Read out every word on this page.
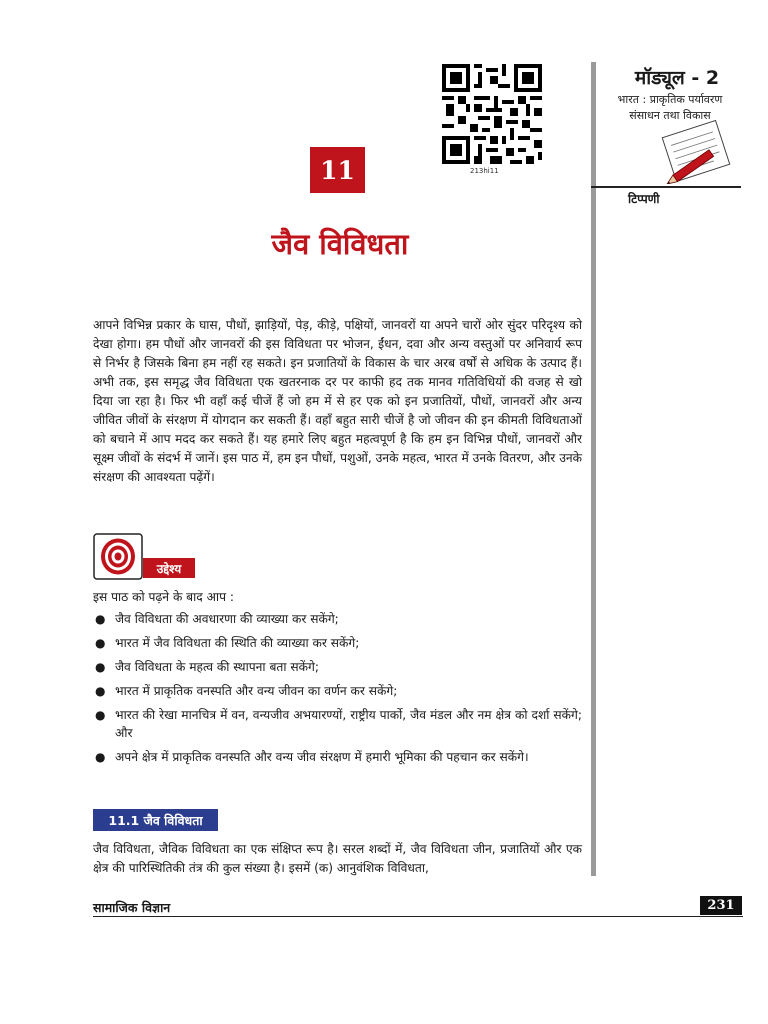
213hi11
मॉड्यूल - 2
भारत : प्राकृतिक पर्यावरण
संसाधन तथा विकास
टिप्पणी
11
जैव विविधता
आपने विभिन्न प्रकार के घास, पौधों, झाड़ियों, पेड़, कीड़े, पक्षियों, जानवरों या अपने चारों ओर सुंदर परिदृश्य को देखा होगा। हम पौधों और जानवरों की इस विविधता पर भोजन, ईंधन, दवा और अन्य वस्तुओं पर अनिवार्य रूप से निर्भर है जिसके बिना हम नहीं रह सकते। इन प्रजातियों के विकास के चार अरब वर्षों से अधिक के उत्पाद हैं। अभी तक, इस समृद्ध जैव विविधता एक खतरनाक दर पर काफी हद तक मानव गतिविधियों की वजह से खो दिया जा रहा है। फिर भी वहाँ कई चीजें हैं जो हम में से हर एक को इन प्रजातियों, पौधों, जानवरों और अन्य जीवित जीवों के संरक्षण में योगदान कर सकती हैं। वहाँ बहुत सारी चीजें है जो जीवन की इन कीमती विविधताओं को बचाने में आप मदद कर सकते हैं। यह हमारे लिए बहुत महत्वपूर्ण है कि हम इन विभिन्न पौधों, जानवरों और सूक्ष्म जीवों के संदर्भ में जानें। इस पाठ में, हम इन पौधों, पशुओं, उनके महत्व, भारत में उनके वितरण, और उनके संरक्षण की आवश्यता पढ़ेंगें।
उद्देश्य
इस पाठ को पढ़ने के बाद आप :
● जैव विविधता की अवधारणा की व्याख्या कर सकेंगे;
● भारत में जैव विविधता की स्थिति की व्याख्या कर सकेंगे;
● जैव विविधता के महत्व की स्थापना बता सकेंगे;
● भारत में प्राकृतिक वनस्पति और वन्य जीवन का वर्णन कर सकेंगे;
● भारत की रेखा मानचित्र में वन, वन्यजीव अभयारण्यों, राष्ट्रीय पार्को, जैव मंडल और नम क्षेत्र को दर्शा सकेंगे; और
● अपने क्षेत्र में प्राकृतिक वनस्पति और वन्य जीव संरक्षण में हमारी भूमिका की पहचान कर सकेंगे।
11.1 जैव विविधता
जैव विविधता, जैविक विविधता का एक संक्षिप्त रूप है। सरल शब्दों में, जैव विविधता जीन, प्रजातियों और एक क्षेत्र की पारिस्थितिकी तंत्र की कुल संख्या है। इसमें (क) आनुवंशिक विविधता,
सामाजिक विज्ञान	231
